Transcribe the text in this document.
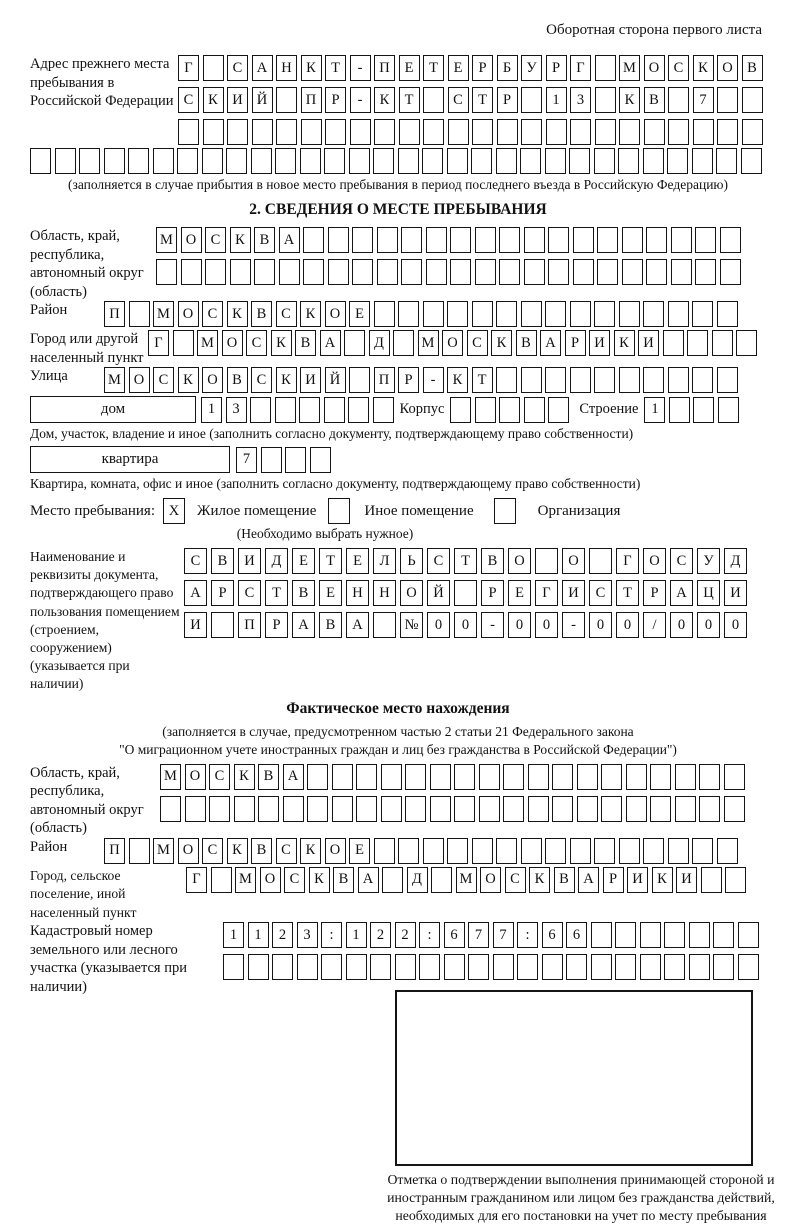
Оборотная сторона первого листа
Адрес прежнего места пребывания в Российской Федерации
Г	С А Н К	Т	-	П	Е	Т	Е	Р	Б	У	Р	Г	М О С	К О В
С	К И Й	П	Р	-	К	Т	С	Т	Р	1	3	К	В	7
(заполняется в случае прибытия в новое место пребывания в период последнего въезда в Российскую Федерацию)
2. СВЕДЕНИЯ О МЕСТЕ ПРЕБЫВАНИЯ
Область, край, республика, автономный округ (область)
М О С	К	В А
Район	П	М О С	К	В	С	К О	Е
Город или другой населенный пункт
Г	М О С	К	В А	Д	М О С	К	В А	Р	И К И
Улица	М О С	К О В	С	К И Й	П	Р	-	К	Т
дом	1	3	Корпус	Строение 1
Дом, участок, владение и иное (заполнить согласно документу, подтверждающему право собственности)
квартира	7
Квартира, комната, офис и иное (заполнить согласно документу, подтверждающему право собственности)
Место пребывания: X	Жилое помещение	Иное помещение	Организация
(Необходимо выбрать нужное)
Наименование и реквизиты документа, подтверждающего право пользования помещением (строением, сооружением) (указывается при наличии)
С	В	И	Д	Е	Т	Е	Л	Ь	С	Т	В	О	О	Г	О	С	У	Д
А	Р	С	Т	В	Е	Н	Н	О	Й	Р	Е	Г	И	С	Т	Р	А	Ц	И
И	П	Р	А	В	А	№	0	0	-	0	0	-	0	0	/	0	0	0
Фактическое место нахождения
(заполняется в случае, предусмотренном частью 2 статьи 21 Федерального закона
"О миграционном учете иностранных граждан и лиц без гражданства в Российской Федерации")
Область, край, республика, автономный округ (область)
М О С	К	В А
Район	П	М О С	К	В	С	К О	Е
Город, сельское поселение, иной населенный пункт
Г	М О С	К	В А	Д	М О С	К	В А	Р	И К И
Кадастровый номер земельного или лесного участка (указывается при наличии)
1	1	2	3	:	1	2	2	:	6	7	7	:	6	6
Отметка о подтверждении выполнения принимающей стороной и иностранным гражданином или лицом без гражданства действий, необходимых для его постановки на учет по месту пребывания
